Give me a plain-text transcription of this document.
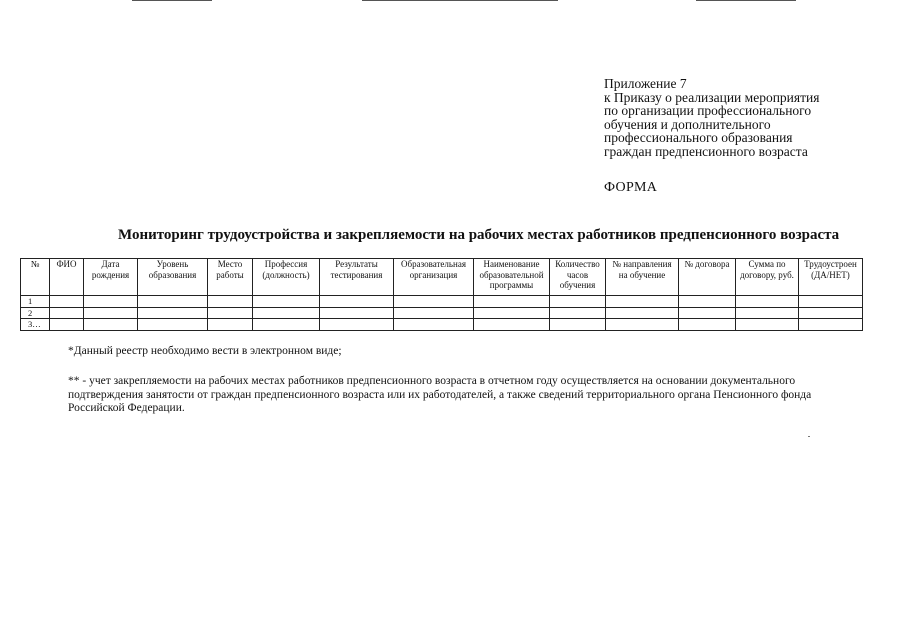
Приложение 7
к Приказу о реализации мероприятия
по организации профессионального
обучения и дополнительного
профессионального образования
граждан предпенсионного возраста
ФОРМА
Мониторинг трудоустройства и закрепляемости на рабочих местах работников предпенсионного возраста
№	ФИО	Дата рождения	Уровень образования	Место работы	Профессия (должность)	Результаты тестирования	Образовательная организация	Наименование образовательной программы	Количество часов обучения	№ направления на обучение	№ договора	Сумма по договору, руб.	Трудоустроен (ДА/НЕТ)
1													
2													
3…													
*Данный реестр необходимо вести в электронном виде;
** - учет закрепляемости на рабочих местах работников предпенсионного возраста в отчетном году осуществляется на основании документального подтверждения занятости от граждан предпенсионного возраста или их работодателей, а также сведений территориального органа Пенсионного фонда Российской Федерации.
